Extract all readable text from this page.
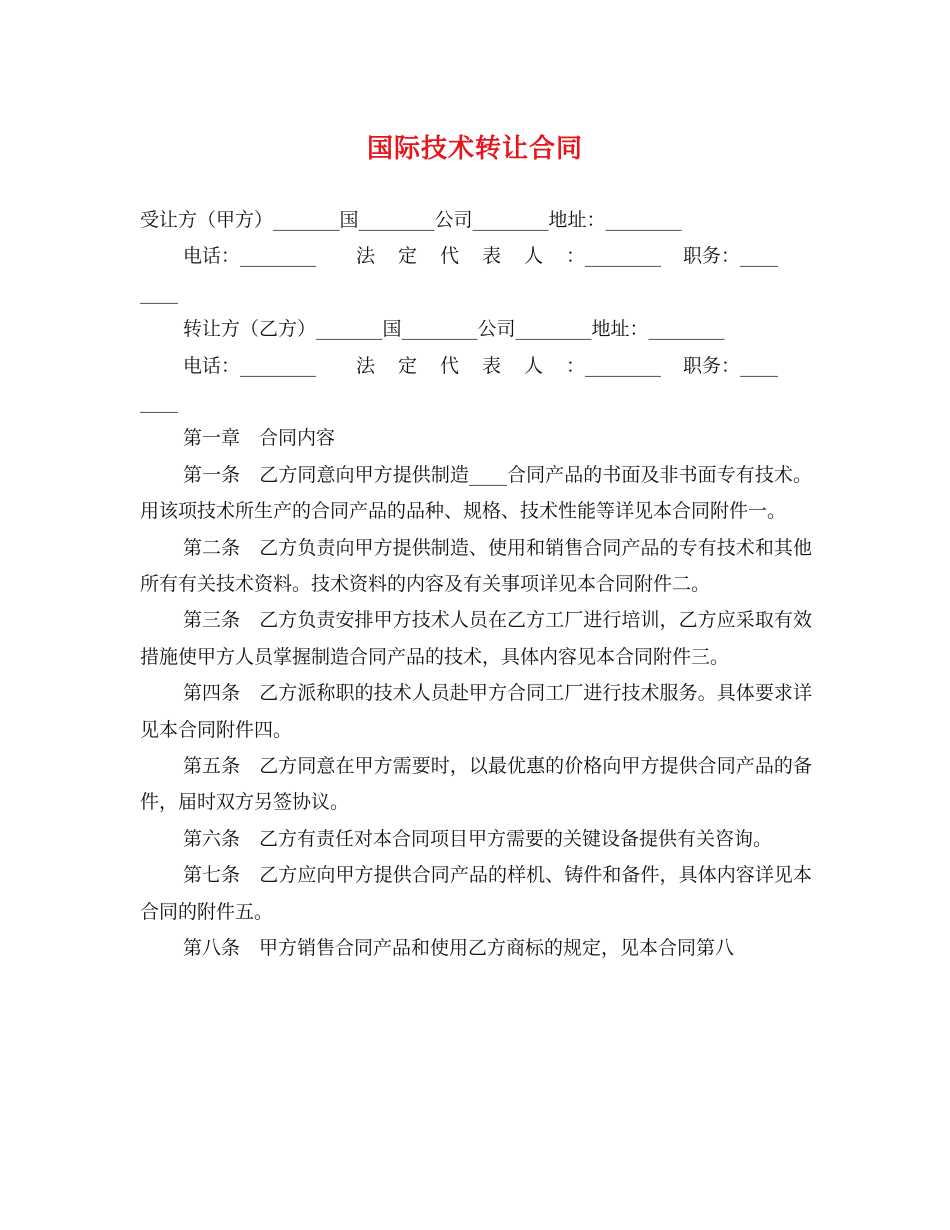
国际技术转让合同
受让方（甲方）_______国________公司________地址：________
电话：________ 法定代表人：________ 职务：____
____
转让方（乙方）_______国________公司________地址：________
电话：________ 法定代表人：________ 职务：____
____
第一章　合同内容
第一条　乙方同意向甲方提供制造____合同产品的书面及非书面专有技术。用该项技术所生产的合同产品的品种、规格、技术性能等详见本合同附件一。
第二条　乙方负责向甲方提供制造、使用和销售合同产品的专有技术和其他所有有关技术资料。技术资料的内容及有关事项详见本合同附件二。
第三条　乙方负责安排甲方技术人员在乙方工厂进行培训，乙方应采取有效措施使甲方人员掌握制造合同产品的技术，具体内容见本合同附件三。
第四条　乙方派称职的技术人员赴甲方合同工厂进行技术服务。具体要求详见本合同附件四。
第五条　乙方同意在甲方需要时，以最优惠的价格向甲方提供合同产品的备件，届时双方另签协议。
第六条　乙方有责任对本合同项目甲方需要的关键设备提供有关咨询。
第七条　乙方应向甲方提供合同产品的样机、铸件和备件，具体内容详见本合同的附件五。
第八条　甲方销售合同产品和使用乙方商标的规定，见本合同第八
